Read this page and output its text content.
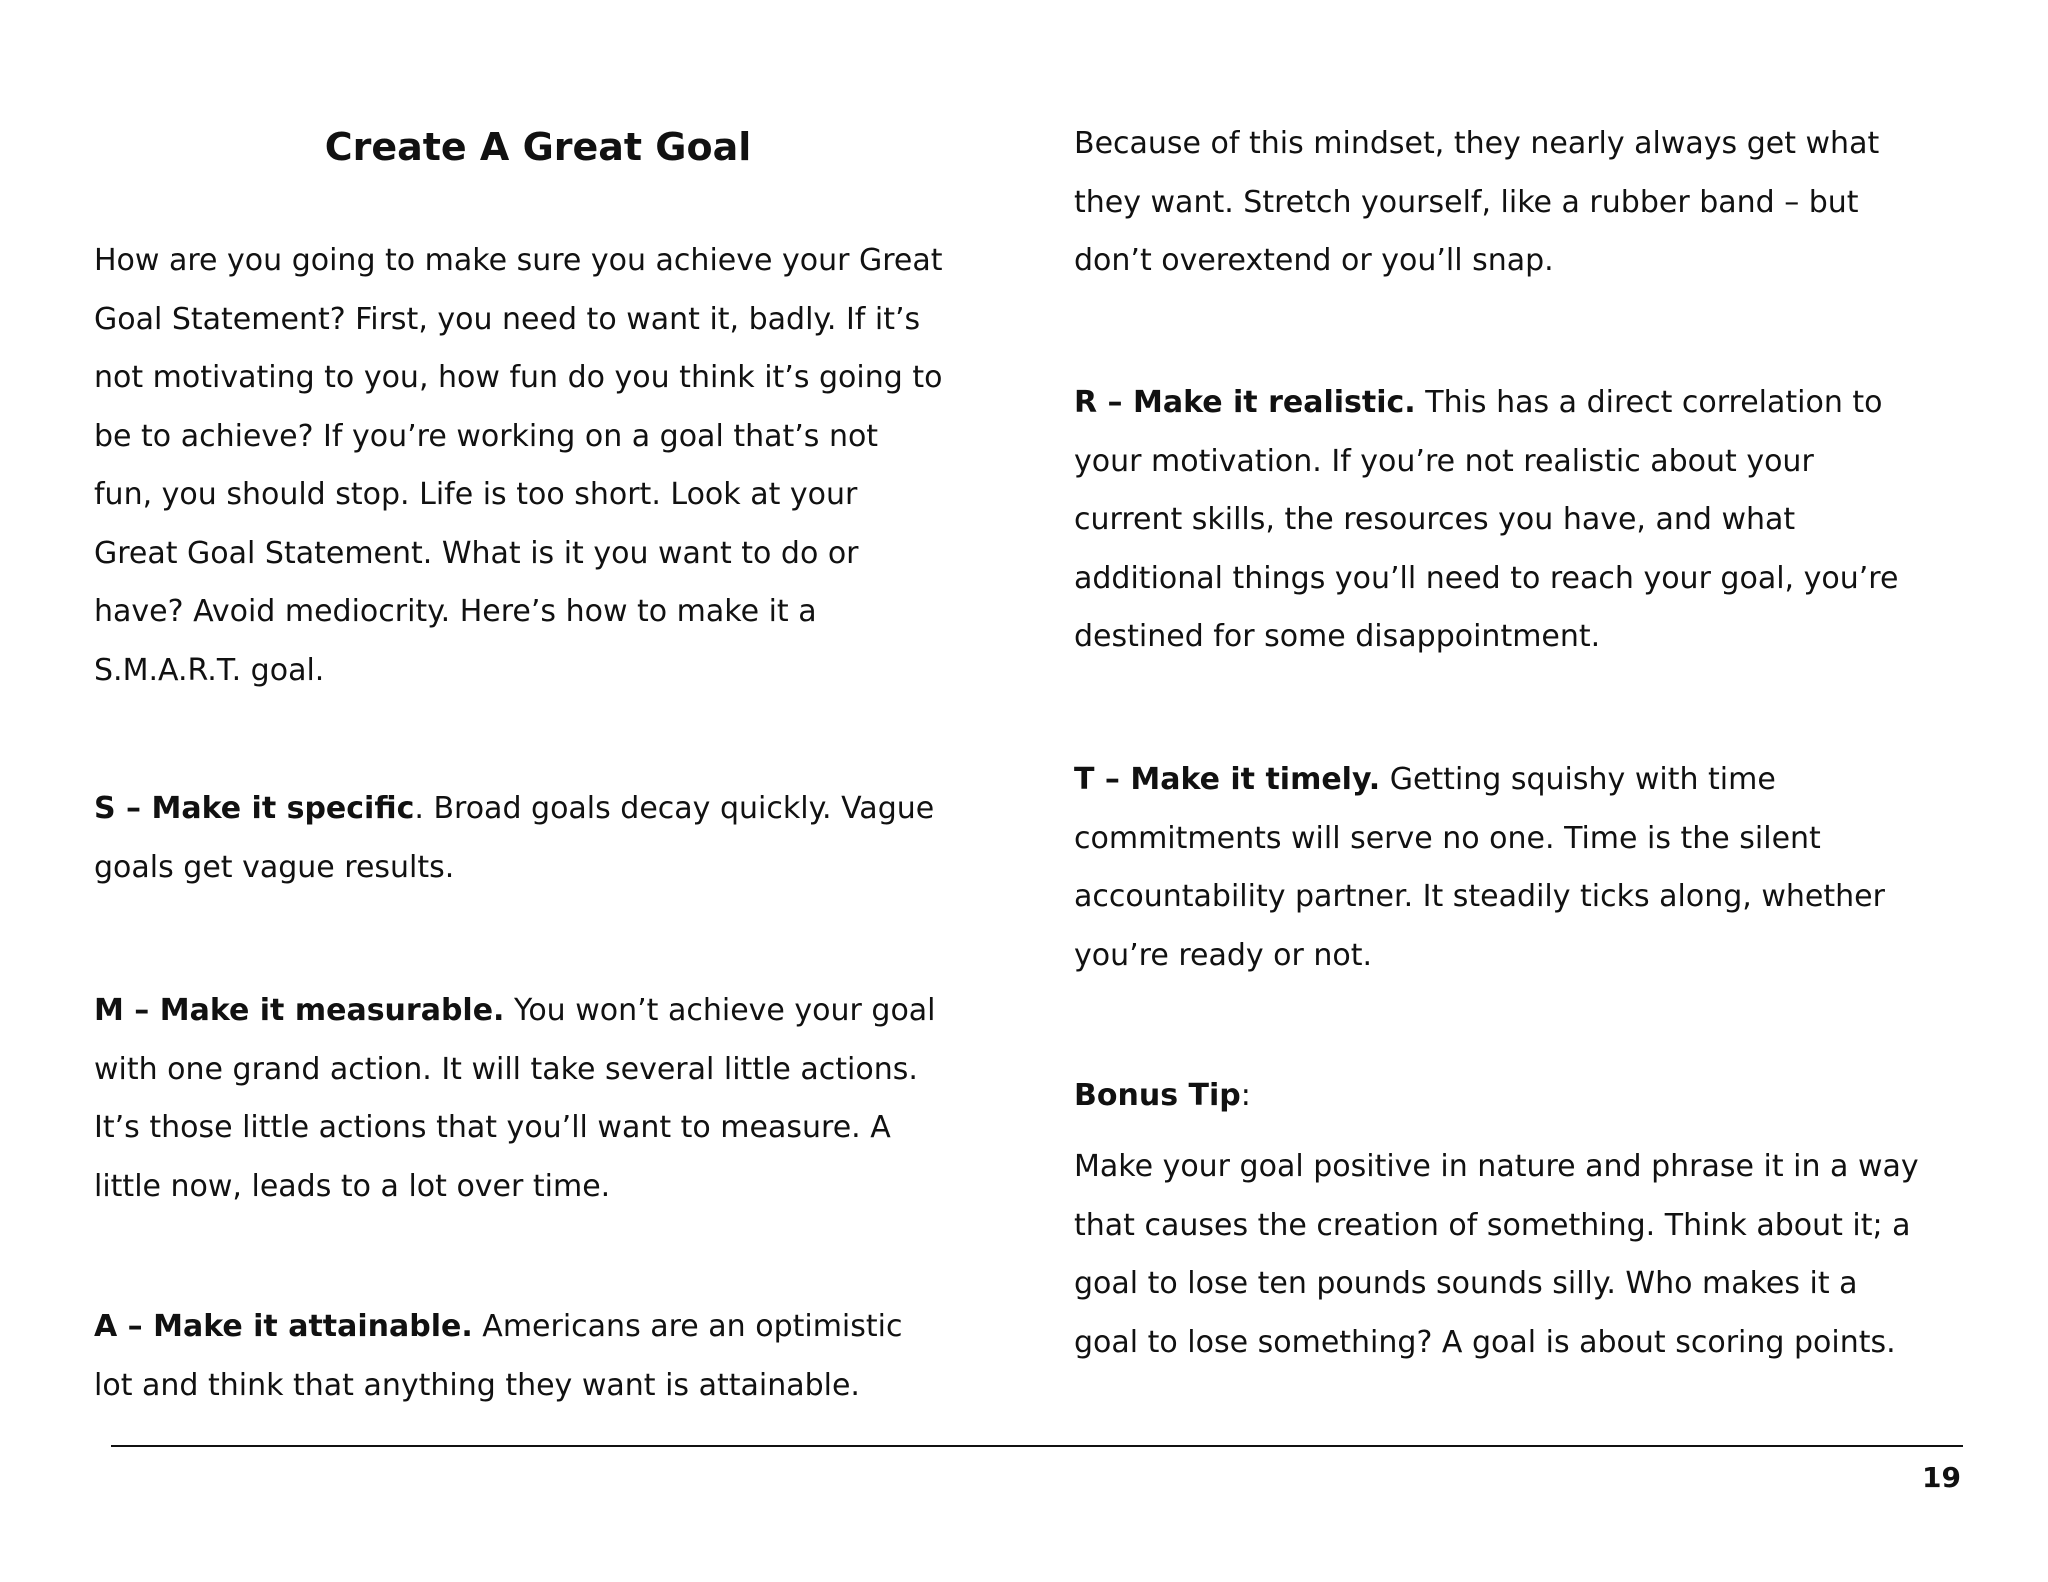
Create A Great Goal

How are you going to make sure you achieve your Great
Goal Statement? First, you need to want it, badly. If it’s
not motivating to you, how fun do you think it’s going to
be to achieve? If you’re working on a goal that’s not
fun, you should stop. Life is too short. Look at your
Great Goal Statement. What is it you want to do or
have? Avoid mediocrity. Here’s how to make it a
S.M.A.R.T. goal.

S – Make it specific. Broad goals decay quickly. Vague
goals get vague results.

M – Make it measurable. You won’t achieve your goal
with one grand action. It will take several little actions.
It’s those little actions that you’ll want to measure. A
little now, leads to a lot over time.

A – Make it attainable. Americans are an optimistic
lot and think that anything they want is attainable.

Because of this mindset, they nearly always get what
they want. Stretch yourself, like a rubber band – but
don’t overextend or you’ll snap.

R – Make it realistic. This has a direct correlation to
your motivation. If you’re not realistic about your
current skills, the resources you have, and what
additional things you’ll need to reach your goal, you’re
destined for some disappointment.

T – Make it timely. Getting squishy with time
commitments will serve no one. Time is the silent
accountability partner. It steadily ticks along, whether
you’re ready or not.

Bonus Tip:

Make your goal positive in nature and phrase it in a way
that causes the creation of something. Think about it; a
goal to lose ten pounds sounds silly. Who makes it a
goal to lose something? A goal is about scoring points.

19
